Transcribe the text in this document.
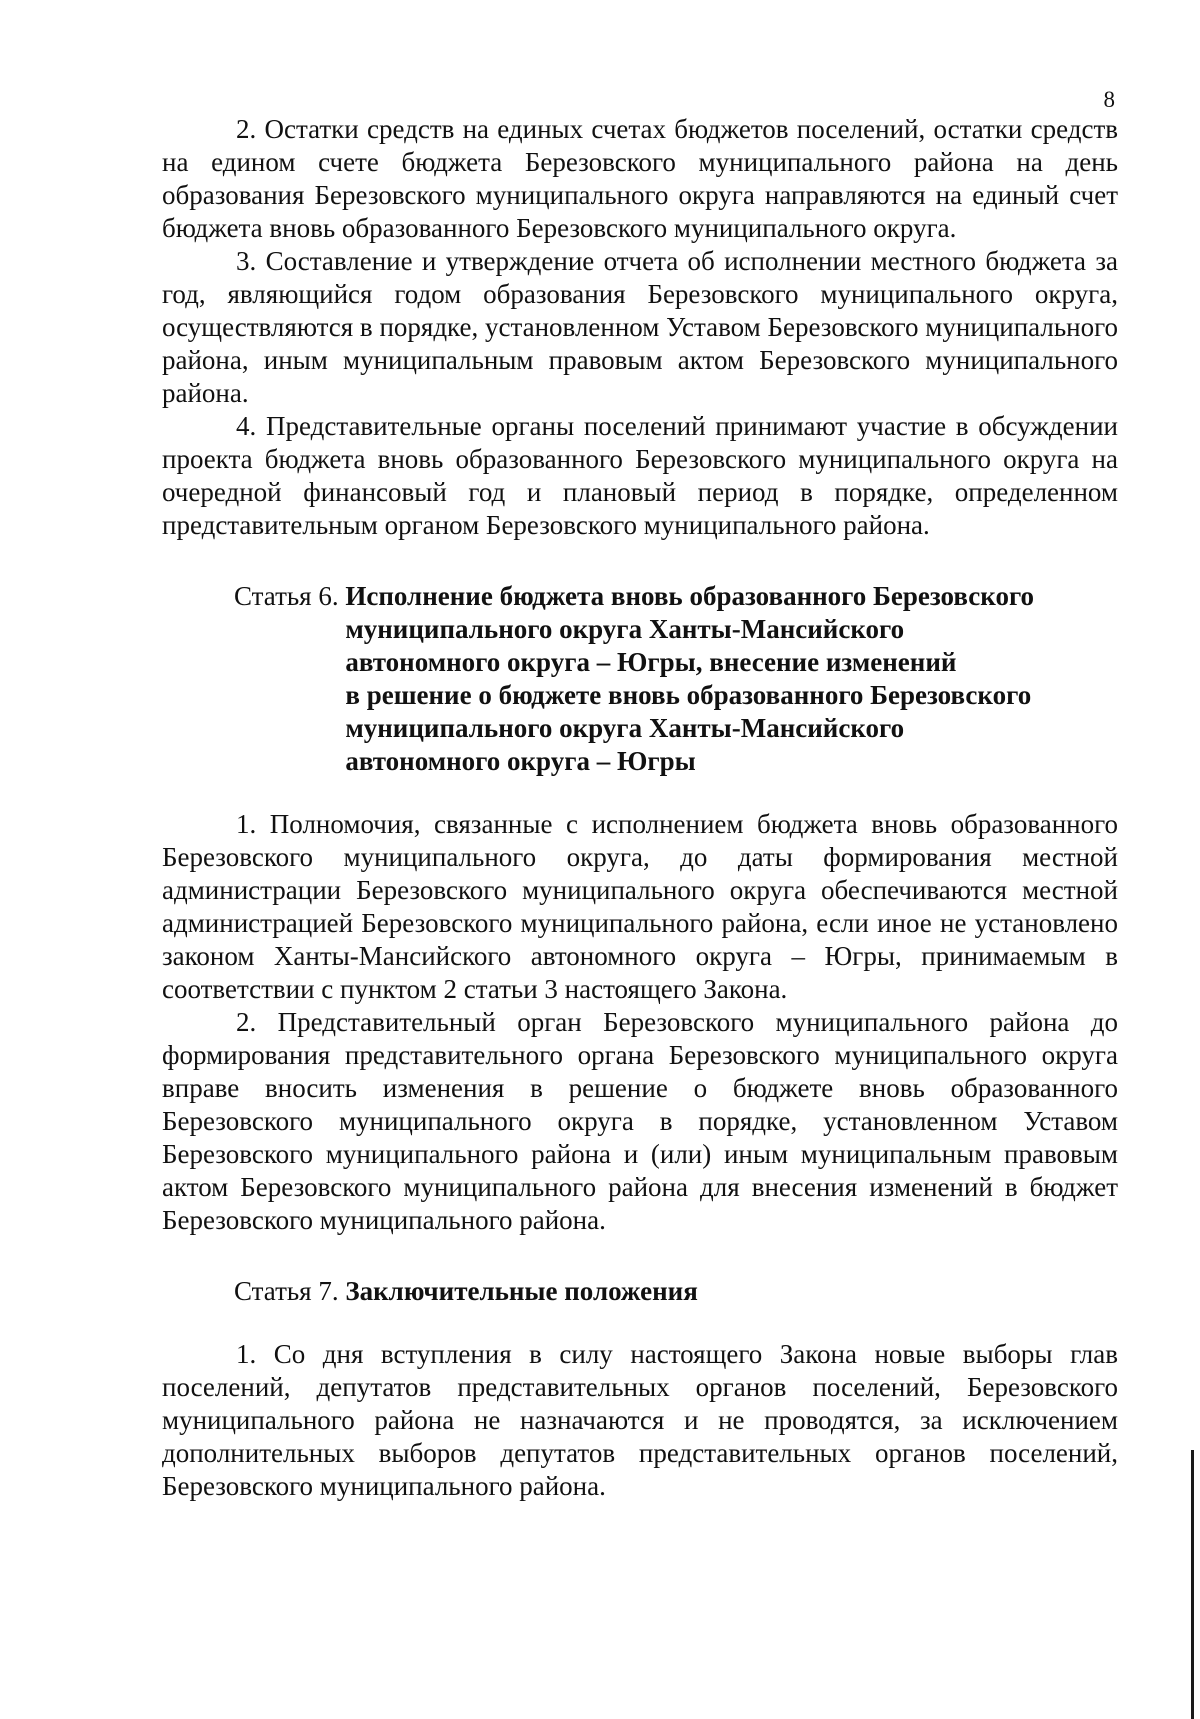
8

2. Остатки средств на единых счетах бюджетов поселений, остатки средств на едином счете бюджета Березовского муниципального района на день образования Березовского муниципального округа направляются на единый счет бюджета вновь образованного Березовского муниципального округа.

3. Составление и утверждение отчета об исполнении местного бюджета за год, являющийся годом образования Березовского муниципального округа, осуществляются в порядке, установленном Уставом Березовского муниципального района, иным муниципальным правовым актом Березовского муниципального района.

4. Представительные органы поселений принимают участие в обсуждении проекта бюджета вновь образованного Березовского муниципального округа на очередной финансовый год и плановый период в порядке, определенном представительным органом Березовского муниципального района.

Статья 6. Исполнение бюджета вновь образованного Березовского
муниципального округа Ханты-Мансийского
автономного округа – Югры, внесение изменений
в решение о бюджете вновь образованного Березовского
муниципального округа Ханты-Мансийского
автономного округа – Югры

1. Полномочия, связанные с исполнением бюджета вновь образованного Березовского муниципального округа, до даты формирования местной администрации Березовского муниципального округа обеспечиваются местной администрацией Березовского муниципального района, если иное не установлено законом Ханты-Мансийского автономного округа – Югры, принимаемым в соответствии с пунктом 2 статьи 3 настоящего Закона.

2. Представительный орган Березовского муниципального района до формирования представительного органа Березовского муниципального округа вправе вносить изменения в решение о бюджете вновь образованного Березовского муниципального округа в порядке, установленном Уставом Березовского муниципального района и (или) иным муниципальным правовым актом Березовского муниципального района для внесения изменений в бюджет Березовского муниципального района.

Статья 7. Заключительные положения

1. Со дня вступления в силу настоящего Закона новые выборы глав поселений, депутатов представительных органов поселений, Березовского муниципального района не назначаются и не проводятся, за исключением дополнительных выборов депутатов представительных органов поселений, Березовского муниципального района.
